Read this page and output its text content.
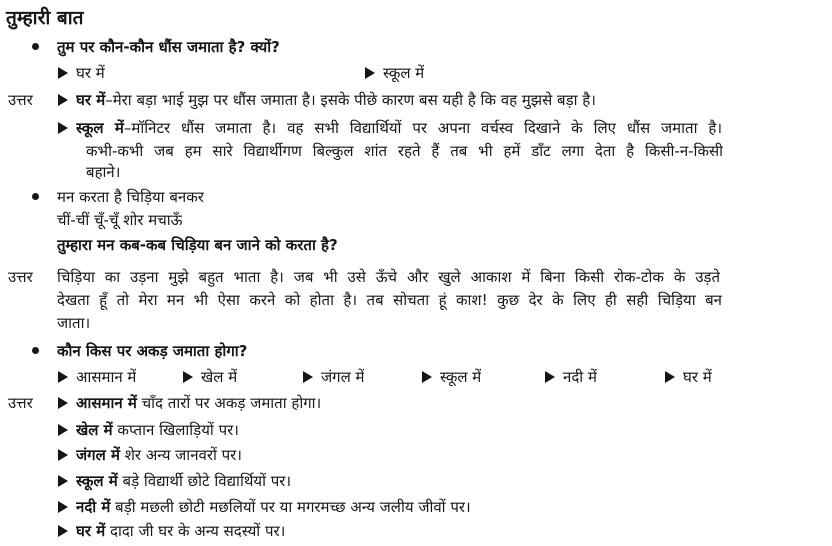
तुम्हारी बात
तुम पर कौन-कौन धौंस जमाता है? क्यों?
घर में	स्कूल में
उत्तर	घर में–मेरा बड़ा भाई मुझ पर धौंस जमाता है। इसके पीछे कारण बस यही है कि वह मुझसे बड़ा है।
स्कूल में–मॉनिटर धौंस जमाता है। वह सभी विद्यार्थियों पर अपना वर्चस्व दिखाने के लिए धौंस जमाता है।
कभी-कभी जब हम सारे विद्यार्थीगण बिल्कुल शांत रहते हैं तब भी हमें डाँट लगा देता है किसी-न-किसी
बहाने।
मन करता है चिड़िया बनकर
चीं-चीं चूँ-चूँ शोर मचाऊँ
तुम्हारा मन कब-कब चिड़िया बन जाने को करता है?
उत्तर चिड़िया का उड़ना मुझे बहुत भाता है। जब भी उसे ऊँचे और खुले आकाश में बिना किसी रोक-टोक के उड़ते
देखता हूँ तो मेरा मन भी ऐसा करने को होता है। तब सोचता हूं काश! कुछ देर के लिए ही सही चिड़िया बन
जाता।
कौन किस पर अकड़ जमाता होगा?
आसमान में	खेल में	जंगल में	स्कूल में	नदी में	घर में
उत्तर	आसमान में चाँद तारों पर अकड़ जमाता होगा।
खेल में कप्तान खिलाड़ियों पर।
जंगल में शेर अन्य जानवरों पर।
स्कूल में बड़े विद्यार्थी छोटे विद्यार्थियों पर।
नदी में बड़ी मछली छोटी मछलियों पर या मगरमच्छ अन्य जलीय जीवों पर।
घर में दादा जी घर के अन्य सदस्यों पर।
